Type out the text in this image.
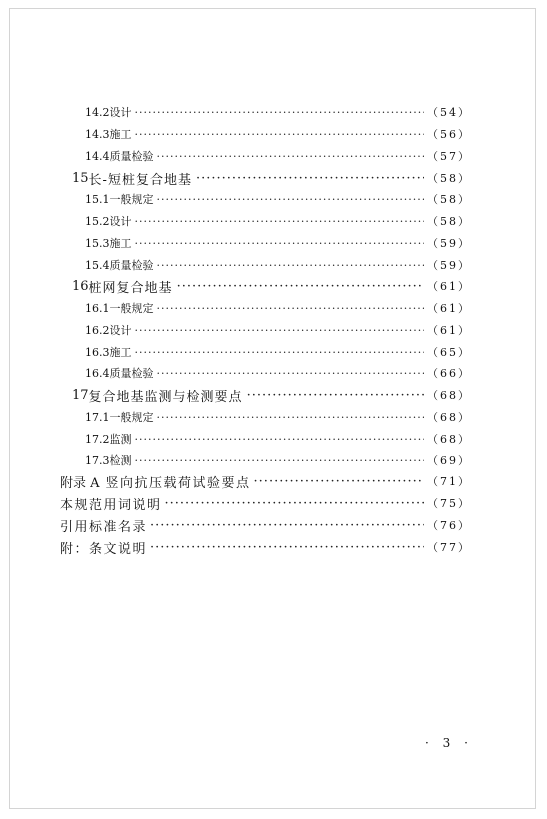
14.2 设计 ·····	（54）
14.3 施工 ·····	（56）
14.4 质量检验 ·····	（57）
15 长-短桩复合地基 ·····	（58）
15.1 一般规定 ·····	（58）
15.2 设计 ·····	（58）
15.3 施工 ·····	（59）
15.4 质量检验 ·····	（59）
16 桩网复合地基 ·····	（61）
16.1 一般规定 ·····	（61）
16.2 设计 ·····	（61）
16.3 施工 ·····	（65）
16.4 质量检验 ·····	（66）
17 复合地基监测与检测要点 ·····	（68）
17.1 一般规定 ·····	（68）
17.2 监测 ·····	（68）
17.3 检测 ·····	（69）
附录 A 竖向抗压载荷试验要点 ·····	（71）
本规范用词说明 ·····	（75）
引用标准名录 ·····	（76）
附：条文说明 ·····	（77）
· 3 ·
